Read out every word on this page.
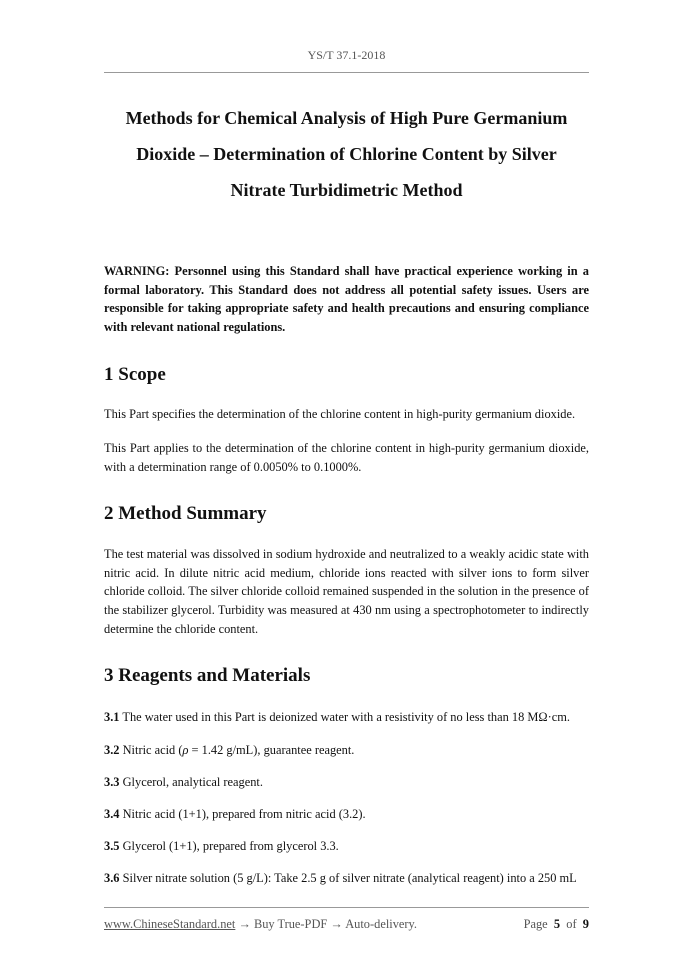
YS/T 37.1-2018
Methods for Chemical Analysis of High Pure Germanium
Dioxide – Determination of Chlorine Content by Silver
Nitrate Turbidimetric Method

WARNING: Personnel using this Standard shall have practical experience working in a formal laboratory. This Standard does not address all potential safety issues. Users are responsible for taking appropriate safety and health precautions and ensuring compliance with relevant national regulations.

1 Scope

This Part specifies the determination of the chlorine content in high-purity germanium dioxide.

This Part applies to the determination of the chlorine content in high-purity germanium dioxide, with a determination range of 0.0050% to 0.1000%.

2 Method Summary

The test material was dissolved in sodium hydroxide and neutralized to a weakly acidic state with nitric acid. In dilute nitric acid medium, chloride ions reacted with silver ions to form silver chloride colloid. The silver chloride colloid remained suspended in the solution in the presence of the stabilizer glycerol. Turbidity was measured at 430 nm using a spectrophotometer to indirectly determine the chloride content.

3 Reagents and Materials

3.1 The water used in this Part is deionized water with a resistivity of no less than 18 MΩ·cm.

3.2 Nitric acid (ρ = 1.42 g/mL), guarantee reagent.

3.3 Glycerol, analytical reagent.

3.4 Nitric acid (1+1), prepared from nitric acid (3.2).

3.5 Glycerol (1+1), prepared from glycerol 3.3.

3.6 Silver nitrate solution (5 g/L): Take 2.5 g of silver nitrate (analytical reagent) into a 250 mL

www.ChineseStandard.net → Buy True-PDF → Auto-delivery.	Page 5 of 9
